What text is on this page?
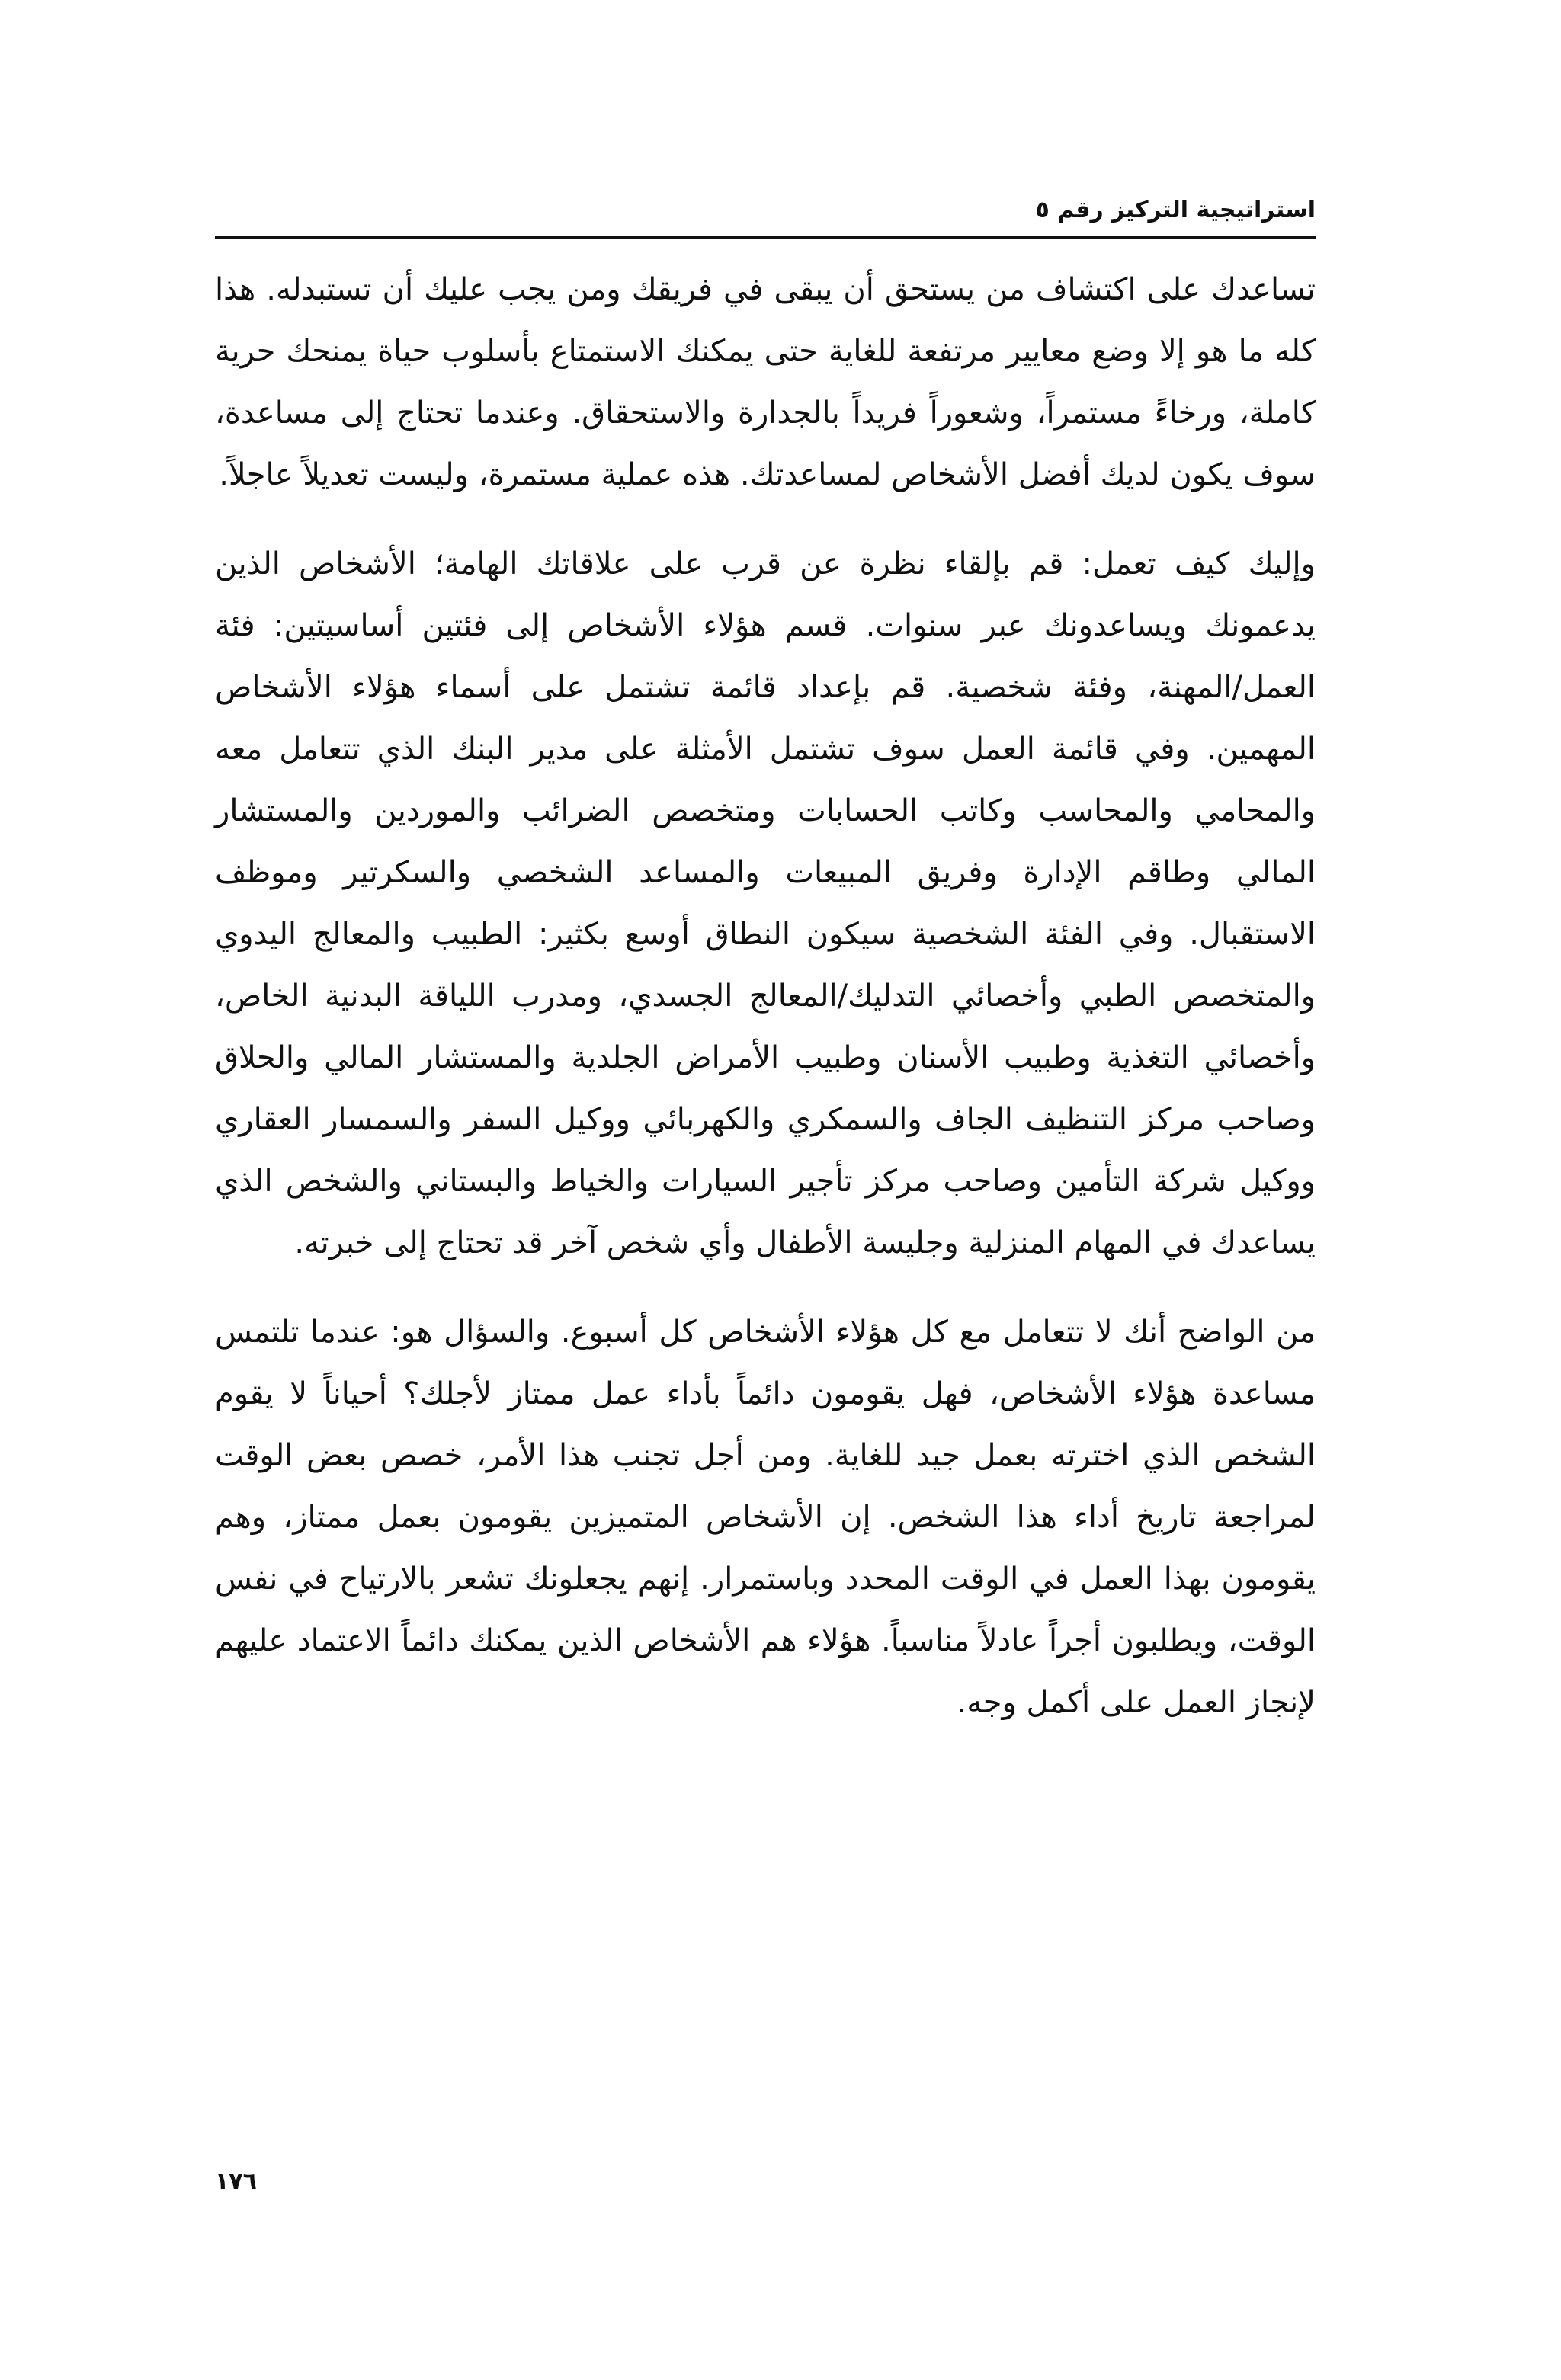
استراتيجية التركيز رقم ٥

تساعدك على اكتشاف من يستحق أن يبقى في فريقك ومن يجب عليك أن تستبدله. هذا كله ما هو إلا وضع معايير مرتفعة للغاية حتى يمكنك الاستمتاع بأسلوب حياة يمنحك حرية كاملة، ورخاءً مستمراً، وشعوراً فريداً بالجدارة والاستحقاق. وعندما تحتاج إلى مساعدة، سوف يكون لديك أفضل الأشخاص لمساعدتك. هذه عملية مستمرة، وليست تعديلاً عاجلاً.

وإليك كيف تعمل: قم بإلقاء نظرة عن قرب على علاقاتك الهامة؛ الأشخاص الذين يدعمونك ويساعدونك عبر سنوات. قسم هؤلاء الأشخاص إلى فئتين أساسيتين: فئة العمل/المهنة، وفئة شخصية. قم بإعداد قائمة تشتمل على أسماء هؤلاء الأشخاص المهمين. وفي قائمة العمل سوف تشتمل الأمثلة على مدير البنك الذي تتعامل معه والمحامي والمحاسب وكاتب الحسابات ومتخصص الضرائب والموردين والمستشار المالي وطاقم الإدارة وفريق المبيعات والمساعد الشخصي والسكرتير وموظف الاستقبال. وفي الفئة الشخصية سيكون النطاق أوسع بكثير: الطبيب والمعالج اليدوي والمتخصص الطبي وأخصائي التدليك/المعالج الجسدي، ومدرب اللياقة البدنية الخاص، وأخصائي التغذية وطبيب الأسنان وطبيب الأمراض الجلدية والمستشار المالي والحلاق وصاحب مركز التنظيف الجاف والسمكري والكهربائي ووكيل السفر والسمسار العقاري ووكيل شركة التأمين وصاحب مركز تأجير السيارات والخياط والبستاني والشخص الذي يساعدك في المهام المنزلية وجليسة الأطفال وأي شخص آخر قد تحتاج إلى خبرته.

من الواضح أنك لا تتعامل مع كل هؤلاء الأشخاص كل أسبوع. والسؤال هو: عندما تلتمس مساعدة هؤلاء الأشخاص، فهل يقومون دائماً بأداء عمل ممتاز لأجلك؟ أحياناً لا يقوم الشخص الذي اخترته بعمل جيد للغاية. ومن أجل تجنب هذا الأمر، خصص بعض الوقت لمراجعة تاريخ أداء هذا الشخص. إن الأشخاص المتميزين يقومون بعمل ممتاز، وهم يقومون بهذا العمل في الوقت المحدد وباستمرار. إنهم يجعلونك تشعر بالارتياح في نفس الوقت، ويطلبون أجراً عادلاً مناسباً. هؤلاء هم الأشخاص الذين يمكنك دائماً الاعتماد عليهم لإنجاز العمل على أكمل وجه.

١٧٦
